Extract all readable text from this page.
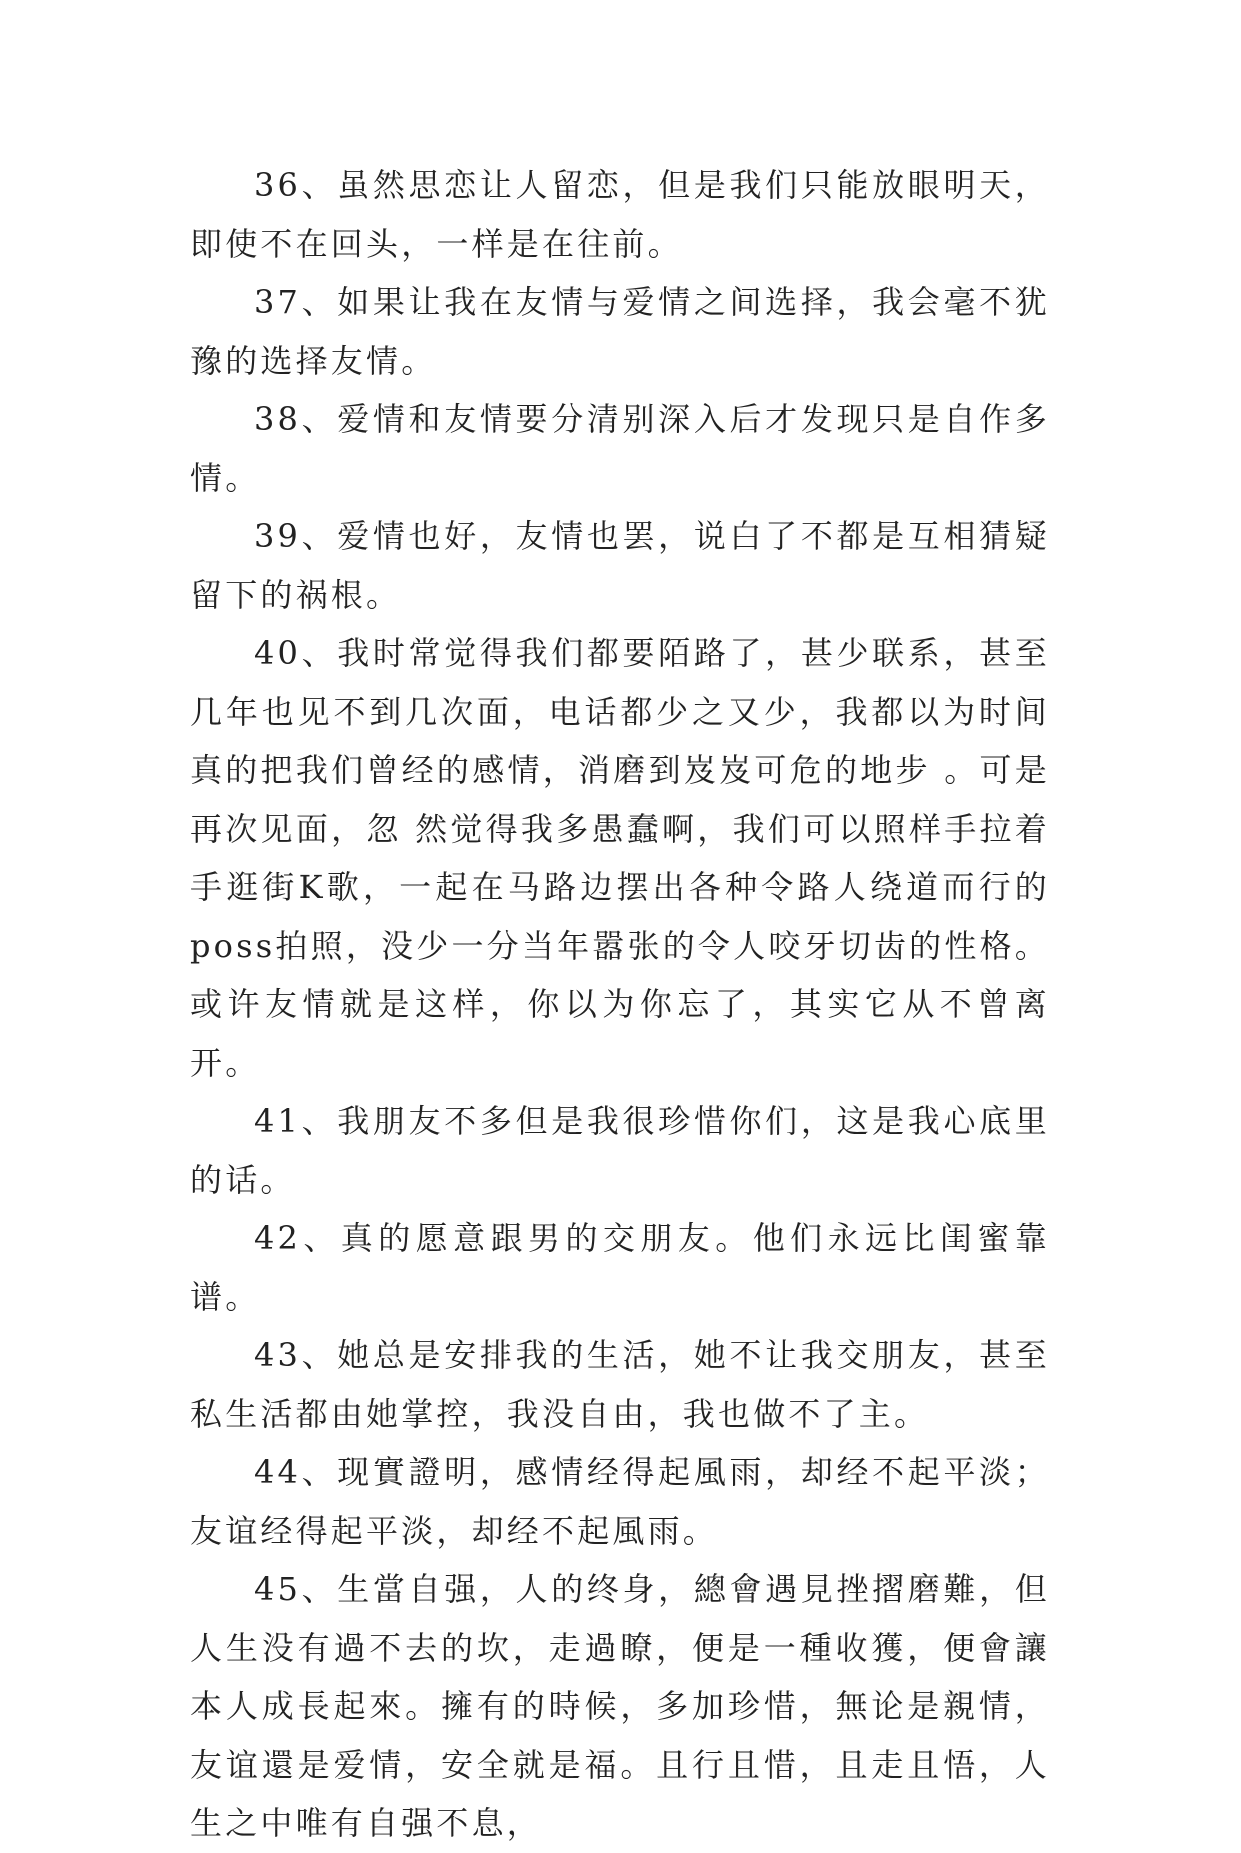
36、虽然思恋让人留恋，但是我们只能放眼明天，即使不在回头，一样是在往前。

37、如果让我在友情与爱情之间选择，我会毫不犹豫的选择友情。

38、爱情和友情要分清别深入后才发现只是自作多情。

39、爱情也好，友情也罢，说白了不都是互相猜疑留下的祸根。

40、我时常觉得我们都要陌路了，甚少联系，甚至几年也见不到几次面，电话都少之又少，我都以为时间真的把我们曾经的感情，消磨到岌岌可危的地步 。可是再次见面，忽 然觉得我多愚蠢啊，我们可以照样手拉着手逛街K歌，一起在马路边摆出各种令路人绕道而行的poss拍照，没少一分当年嚣张的令人咬牙切齿的性格。或许友情就是这样，你以为你忘了，其实它从不曾离开。

41、我朋友不多但是我很珍惜你们，这是我心底里的话。

42、真的愿意跟男的交朋友。他们永远比闺蜜靠谱。

43、她总是安排我的生活，她不让我交朋友，甚至私生活都由她掌控，我没自由，我也做不了主。

44、现實證明，感情经得起風雨，却经不起平淡；友谊经得起平淡，却经不起風雨。

45、生當自强，人的终身，總會遇見挫摺磨難，但人生没有過不去的坎，走過瞭，便是一種收獲，便會讓本人成長起來。擁有的時候，多加珍惜，無论是親情，友谊還是爱情，安全就是福。且行且惜，且走且悟，人生之中唯有自强不息，
